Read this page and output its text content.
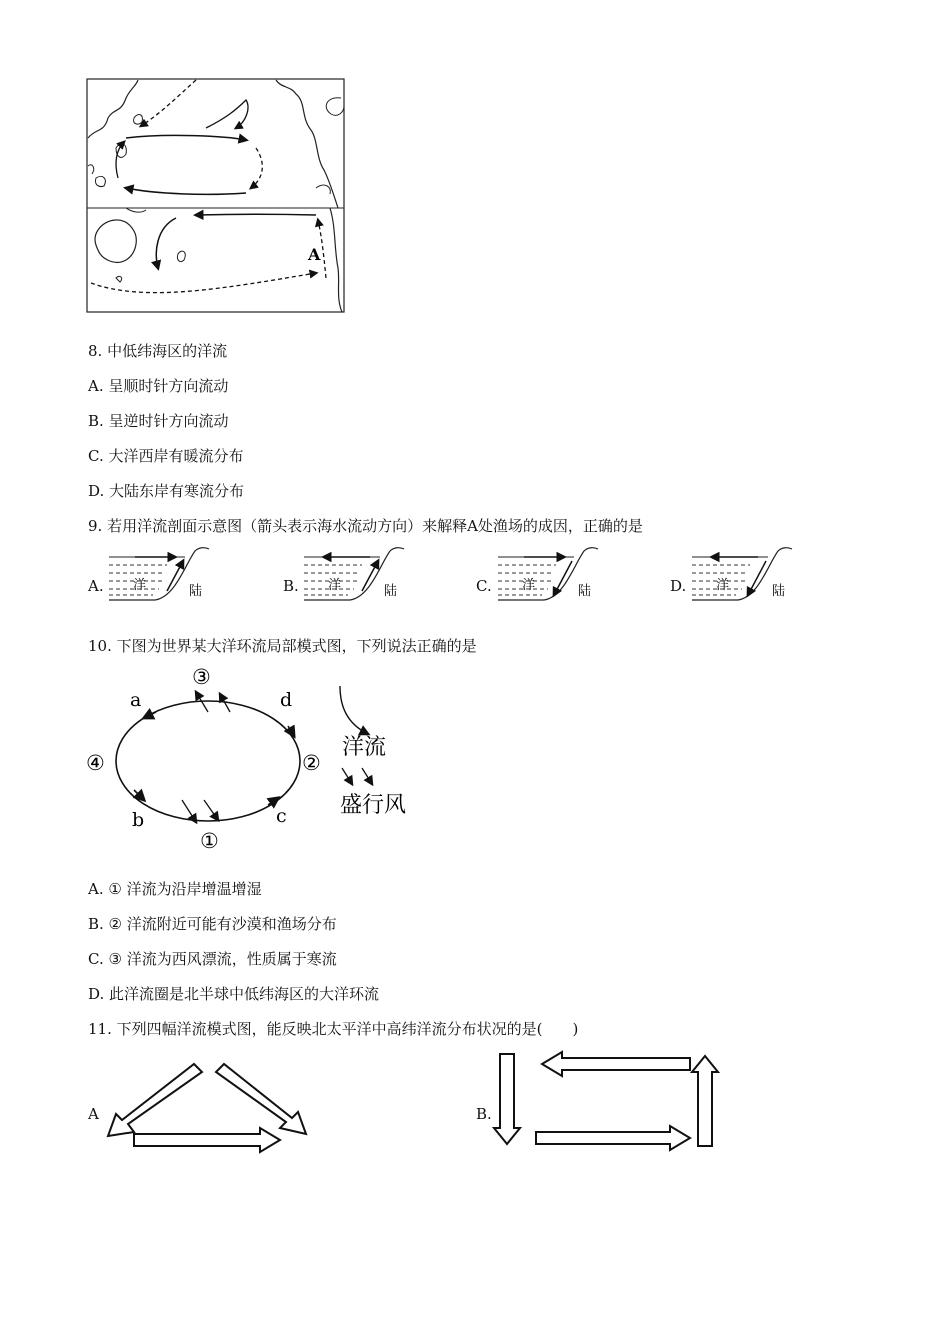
A
8. 中低纬海区的洋流
A. 呈顺时针方向流动
B. 呈逆时针方向流动
C. 大洋西岸有暖流分布
D. 大陆东岸有寒流分布
9. 若用洋流剖面示意图（箭头表示海水流动方向）来解释A处渔场的成因，正确的是
A. 洋	陆	B. 洋	陆	C. 洋	陆	D. 洋	陆
10. 下图为世界某大洋环流局部模式图，下列说法正确的是
a	d
b	c
③
①
④	②
洋流
盛行风
A. ① 洋流为沿岸增温增湿
B. ② 洋流附近可能有沙漠和渔场分布
C. ③ 洋流为西风漂流，性质属于寒流
D. 此洋流圈是北半球中低纬海区的大洋环流
11. 下列四幅洋流模式图，能反映北太平洋中高纬洋流分布状况的是(　　)
A	B.
